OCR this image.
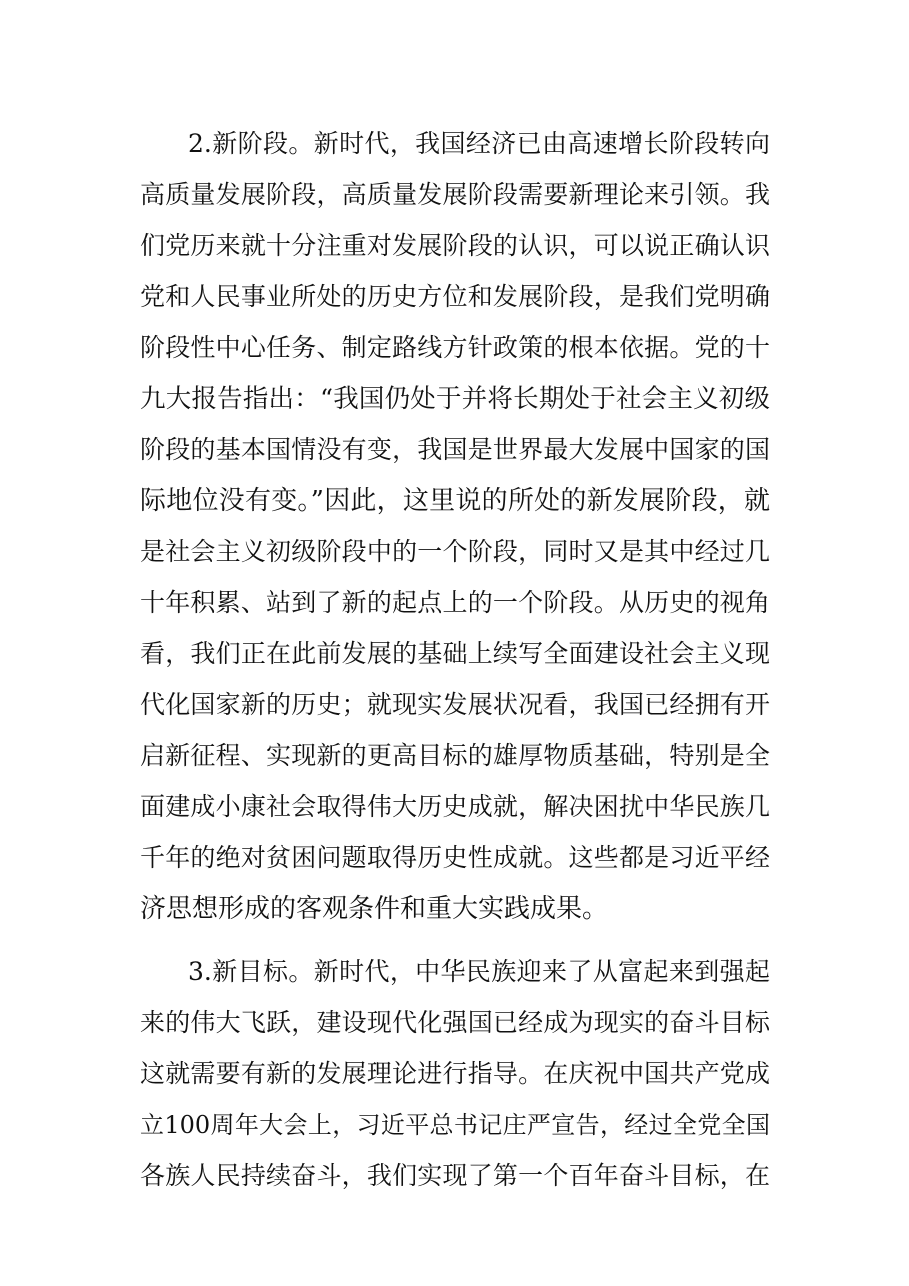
2.新阶段。新时代，我国经济已由高速增长阶段转向
高质量发展阶段，高质量发展阶段需要新理论来引领。我
们党历来就十分注重对发展阶段的认识，可以说正确认识
党和人民事业所处的历史方位和发展阶段，是我们党明确
阶段性中心任务、制定路线方针政策的根本依据。党的十
九大报告指出：“我国仍处于并将长期处于社会主义初级
阶段的基本国情没有变，我国是世界最大发展中国家的国
际地位没有变。”因此，这里说的所处的新发展阶段，就
是社会主义初级阶段中的一个阶段，同时又是其中经过几
十年积累、站到了新的起点上的一个阶段。从历史的视角
看，我们正在此前发展的基础上续写全面建设社会主义现
代化国家新的历史；就现实发展状况看，我国已经拥有开
启新征程、实现新的更高目标的雄厚物质基础，特别是全
面建成小康社会取得伟大历史成就，解决困扰中华民族几
千年的绝对贫困问题取得历史性成就。这些都是习近平经
济思想形成的客观条件和重大实践成果。
3.新目标。新时代，中华民族迎来了从富起来到强起
来的伟大飞跃，建设现代化强国已经成为现实的奋斗目标
这就需要有新的发展理论进行指导。在庆祝中国共产党成
立100周年大会上，习近平总书记庄严宣告，经过全党全国
各族人民持续奋斗，我们实现了第一个百年奋斗目标，在
